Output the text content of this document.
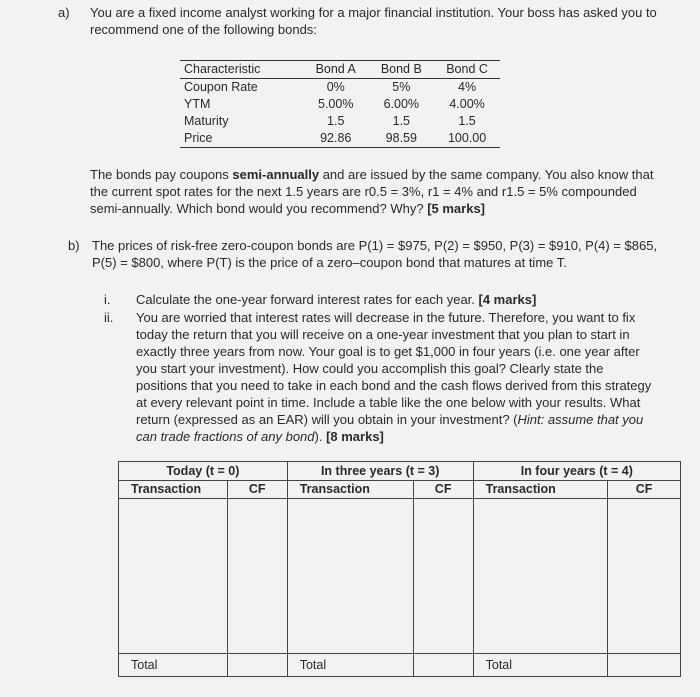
a) You are a fixed income analyst working for a major financial institution. Your boss has asked you to recommend one of the following bonds:
Characteristic	Bond A	Bond B	Bond C
Coupon Rate	0%	5%	4%
YTM	5.00%	6.00%	4.00%
Maturity	1.5	1.5	1.5
Price	92.86	98.59	100.00
The bonds pay coupons semi-annually and are issued by the same company. You also know that the current spot rates for the next 1.5 years are r0.5 = 3%, r1 = 4% and r1.5 = 5% compounded semi-annually. Which bond would you recommend? Why? [5 marks]
b) The prices of risk-free zero-coupon bonds are P(1) = $975, P(2) = $950, P(3) = $910, P(4) = $865, P(5) = $800, where P(T) is the price of a zero–coupon bond that matures at time T.
i. Calculate the one-year forward interest rates for each year. [4 marks]
ii. You are worried that interest rates will decrease in the future. Therefore, you want to fix today the return that you will receive on a one-year investment that you plan to start in exactly three years from now. Your goal is to get $1,000 in four years (i.e. one year after you start your investment). How could you accomplish this goal? Clearly state the positions that you need to take in each bond and the cash flows derived from this strategy at every relevant point in time. Include a table like the one below with your results. What return (expressed as an EAR) will you obtain in your investment? (Hint: assume that you can trade fractions of any bond). [8 marks]
Today (t = 0)		In three years (t = 3)		In four years (t = 4)	
Transaction	CF	Transaction	CF	Transaction	CF

Total		Total		Total	
